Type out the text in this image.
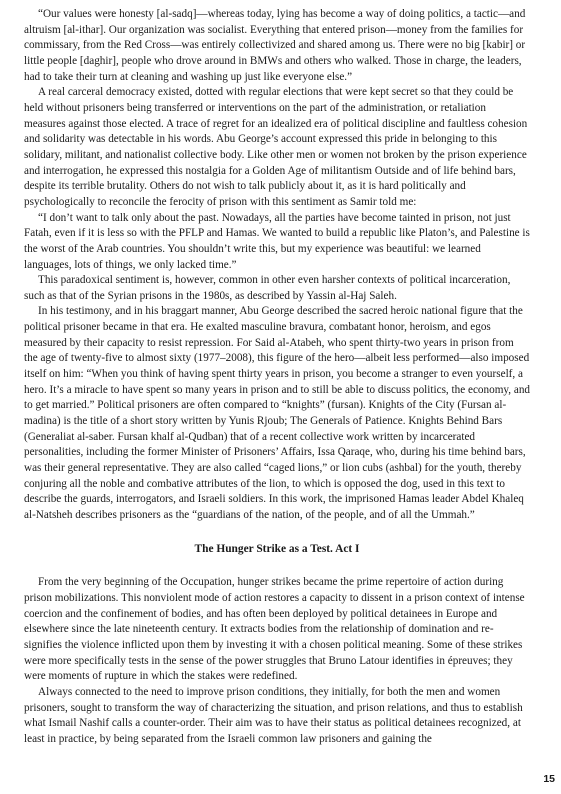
“Our values were honesty [al-sadq]—whereas today, lying has become a way of doing politics, a tactic—and altruism [al-ithar]. Our organization was socialist. Everything that entered prison—money from the families for commissary, from the Red Cross—was entirely collectivized and shared among us. There were no big [kabir] or little people [daghir], people who drove around in BMWs and others who walked. Those in charge, the leaders, had to take their turn at cleaning and washing up just like everyone else.”

A real carceral democracy existed, dotted with regular elections that were kept secret so that they could be held without prisoners being transferred or interventions on the part of the administration, or retaliation measures against those elected. A trace of regret for an idealized era of political discipline and faultless cohesion and solidarity was detectable in his words. Abu George’s account expressed this pride in belonging to this solidary, militant, and nationalist collective body. Like other men or women not broken by the prison experience and interrogation, he expressed this nostalgia for a Golden Age of militantism Outside and of life behind bars, despite its terrible brutality. Others do not wish to talk publicly about it, as it is hard politically and psychologically to reconcile the ferocity of prison with this sentiment as Samir told me:

“I don’t want to talk only about the past. Nowadays, all the parties have become tainted in prison, not just Fatah, even if it is less so with the PFLP and Hamas. We wanted to build a republic like Platon’s, and Palestine is the worst of the Arab countries. You shouldn’t write this, but my experience was beautiful: we learned languages, lots of things, we only lacked time.”

This paradoxical sentiment is, however, common in other even harsher contexts of political incarceration, such as that of the Syrian prisons in the 1980s, as described by Yassin al-Haj Saleh.

In his testimony, and in his braggart manner, Abu George described the sacred heroic national figure that the political prisoner became in that era. He exalted masculine bravura, combatant honor, heroism, and egos measured by their capacity to resist repression. For Said al-Atabeh, who spent thirty-two years in prison from the age of twenty-five to almost sixty (1977–2008), this figure of the hero—albeit less performed—also imposed itself on him: “When you think of having spent thirty years in prison, you become a stranger to even yourself, a hero. It’s a miracle to have spent so many years in prison and to still be able to discuss politics, the economy, and to get married.” Political prisoners are often compared to “knights” (fursan). Knights of the City (Fursan al-madina) is the title of a short story written by Yunis Rjoub; The Generals of Patience. Knights Behind Bars (Generaliat al-saber. Fursan khalf al-Qudban) that of a recent collective work written by incarcerated personalities, including the former Minister of Prisoners’ Affairs, Issa Qaraqe, who, during his time behind bars, was their general representative. They are also called “caged lions,” or lion cubs (ashbal) for the youth, thereby conjuring all the noble and combative attributes of the lion, to which is opposed the dog, used in this text to describe the guards, interrogators, and Israeli soldiers. In this work, the imprisoned Hamas leader Abdel Khaleq al-Natsheh describes prisoners as the “guardians of the nation, of the people, and of all the Ummah.”

The Hunger Strike as a Test. Act I

From the very beginning of the Occupation, hunger strikes became the prime repertoire of action during prison mobilizations. This nonviolent mode of action restores a capacity to dissent in a prison context of intense coercion and the confinement of bodies, and has often been deployed by political detainees in Europe and elsewhere since the late nineteenth century. It extracts bodies from the relationship of domination and re- signifies the violence inflicted upon them by investing it with a chosen political meaning. Some of these strikes were more specifically tests in the sense of the power struggles that Bruno Latour identifies in épreuves; they were moments of rupture in which the stakes were redefined.

Always connected to the need to improve prison conditions, they initially, for both the men and women prisoners, sought to transform the way of characterizing the situation, and prison relations, and thus to establish what Ismail Nashif calls a counter-order. Their aim was to have their status as political detainees recognized, at least in practice, by being separated from the Israeli common law prisoners and gaining the

15
